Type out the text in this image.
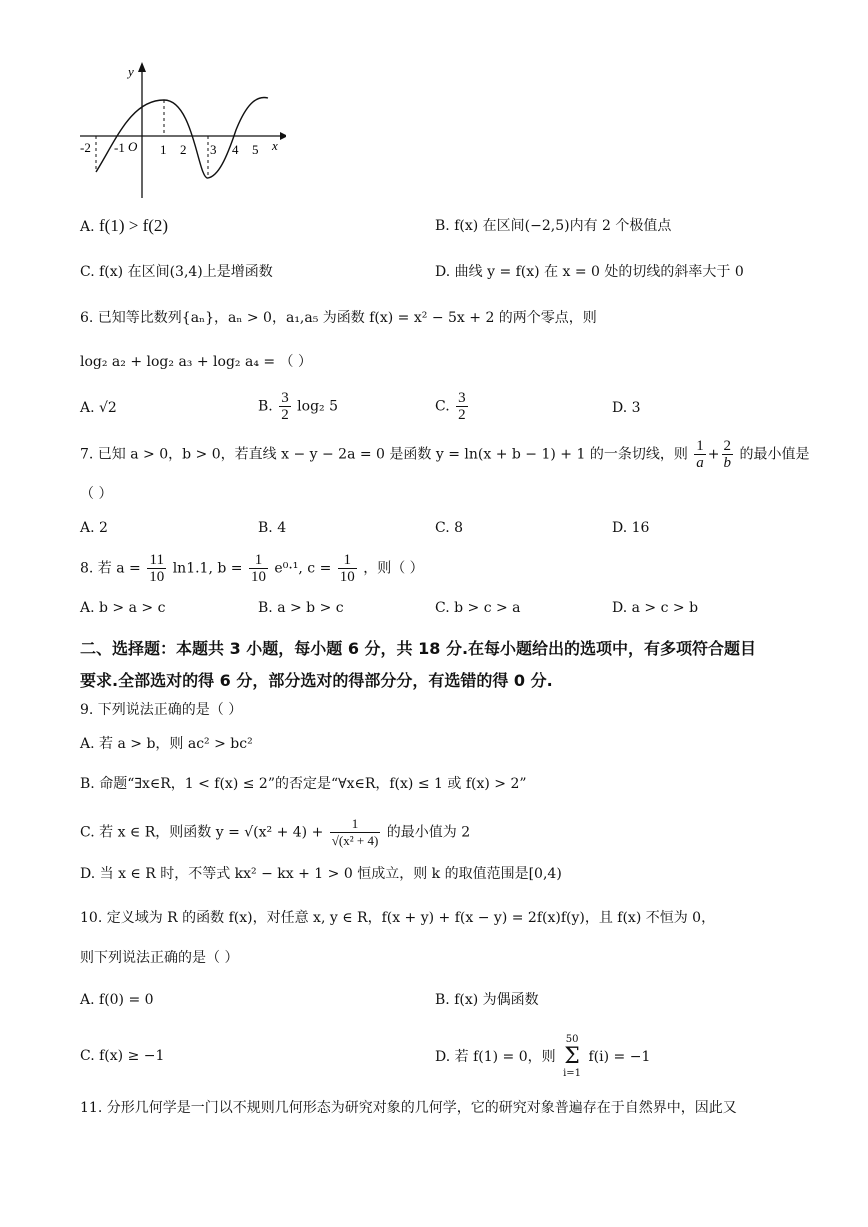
-2 -1 O 1 2 3 4 5 x
y
A. f(1) > f(2)	B. f(x) 在区间(−2,5)内有 2 个极值点
C. f(x) 在区间(3,4)上是增函数	D. 曲线 y = f(x) 在 x = 0 处的切线的斜率大于 0
6. 已知等比数列{aₙ}，aₙ > 0，a₁,a₅ 为函数 f(x) = x² − 5x + 2 的两个零点，则
log₂ a₂ + log₂ a₃ + log₂ a₄ = （ ）
A. √2	B. $\frac{3}{2} \log_2$ 5	C. $\frac{3}{2}$	D. 3
7. 已知 a > 0，b > 0，若直线 x − y − 2a = 0 是函数 y = ln(x + b − 1) + 1 的一条切线，则 $\frac{1}{a} + \frac{2}{b}$ 的最小值是
（ ）
A. 2	B. 4	C. 8	D. 16
8. 若 $a = \frac{11}{10} \ln 1.1$, $b = \frac{1}{10} e^0\cdot^1$, $c = \frac{1}{10}$ ，则（ ）
A. b > a > c	B. a > b > c	C. b > c > a	D. a > c > b
二、选择题：本题共 3 小题，每小题 6 分，共 18 分.在每小题给出的选项中，有多项符合题目
要求.全部选对的得 6 分，部分选对的得部分分，有选错的得 0 分.
9. 下列说法正确的是（ ）
A. 若 a > b，则 ac² > bc²
B. 命题“∃x∈R，1 < f(x) ≤ 2”的否定是“∀x∈R，f(x) ≤ 1 或 f(x) > 2”
C. 若 x ∈ R，则函数 $y = √(x^2 + 4) + \frac{1}{\text{√(x² + 4)}}$ 的最小值为 2
D. 当 x ∈ R 时，不等式 kx² − kx + 1 > 0 恒成立，则 k 的取值范围是[0,4)
10. 定义域为 R 的函数 f(x)，对任意 x, y ∈ R，f(x + y) + f(x − y) = 2f(x)f(y)，且 f(x) 不恒为 0，
则下列说法正确的是（ ）
A. f(0) = 0	B. f(x) 为偶函数
C. f(x) ≥ −1	D. 若 f(1) = 0，则
50
Σ
i=1
f(i) = −1
11. 分形几何学是一门以不规则几何形态为研究对象的几何学，它的研究对象普遍存在于自然界中，因此又
